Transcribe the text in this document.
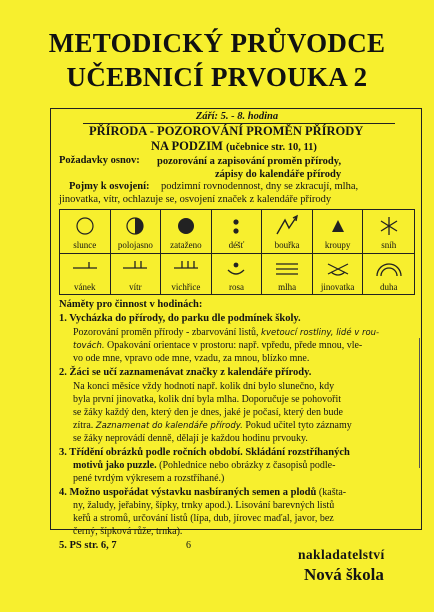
METODICKÝ PRŮVODCE
UČEBNICÍ PRVOUKA 2
Září: 5. - 8. hodina
PŘÍRODA - POZOROVÁNÍ PROMĚN PŘÍRODY
NA PODZIM (učebnice str. 10, 11)
Požadavky osnov: pozorování a zapisování proměn přírody,
zápisy do kalendáře přírody
Pojmy k osvojení: podzimní rovnodennost, dny se zkracují, mlha,
jinovatka, vítr, ochlazuje se, osvojení značek z kalendáře přírody
slunce	polojasno	zataženo	déšť	bouřka	kroupy	sníh
vánek	vítr	vichřice	rosa	mlha	jinovatka	duha
Náměty pro činnost v hodinách:
1. Vycházka do přírody, do parku dle podmínek školy.
Pozorování proměn přírody - zbarvování listů, kvetoucí rostliny, lidé v rou-
továch. Opakování orientace v prostoru: např. vpředu, přede mnou, vle-
vo ode mne, vpravo ode mne, vzadu, za mnou, blízko mne.
2. Žáci se učí zaznamenávat značky z kalendáře přírody.
Na konci měsíce vždy hodnotí např. kolik dní bylo slunečno, kdy
byla první jinovatka, kolik dní byla mlha. Doporučuje se pohovořit
se žáky každý den, který den je dnes, jaké je počasí, který den bude
zítra. Zaznamenat do kalendáře přírody. Pokud učitel tyto záznamy
se žáky neprovádí denně, dělají je každou hodinu prvouky.
3. Třídění obrázků podle ročních období. Skládání rozstříhaných
motivů jako puzzle. (Pohlednice nebo obrázky z časopisů podle-
pené tvrdým výkresem a rozstříhané.)
4. Možno uspořádat výstavku nasbíraných semen a plodů (kašta-
ny, žaludy, jeřabiny, šípky, trnky apod.). Lisování barevných listů
keřů a stromů, určování listů (lípa, dub, jírovec maďal, javor, bez
černý, šípková růže, trnka).
5. PS str. 6, 7	6
nakladatelství
Nová škola
